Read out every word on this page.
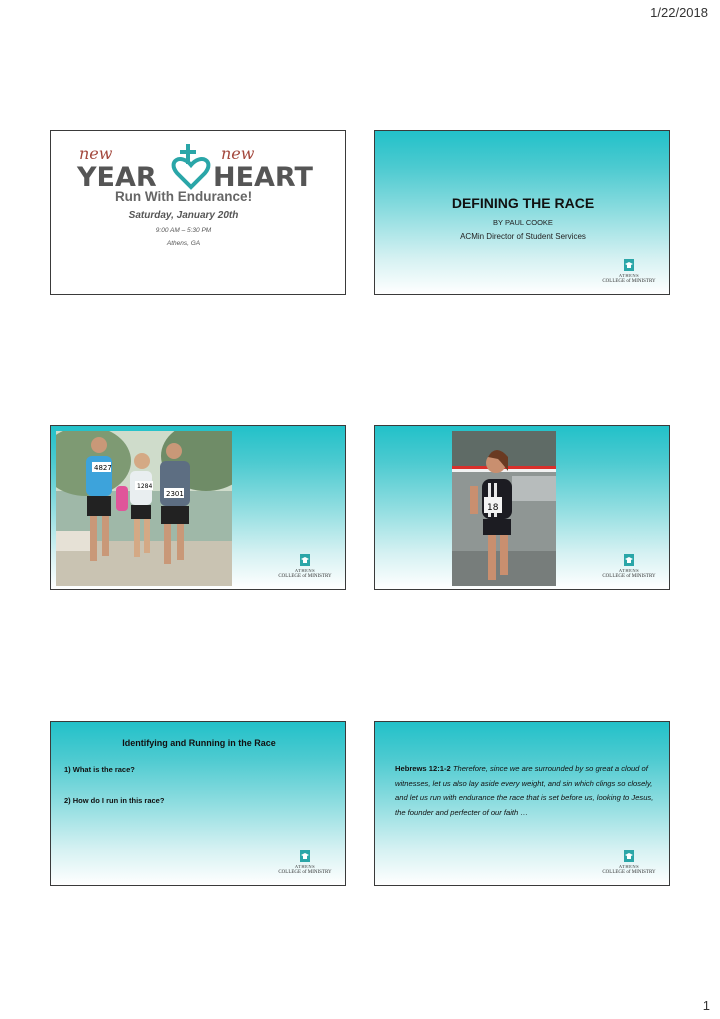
1/22/2018
new
YEAR
new
HEART
Run With Endurance!
Saturday, January 20th
9:00 AM – 5:30 PM
Athens, GA
DEFINING THE RACE
BY PAUL COOKE
ACMin Director of Student Services
ATHENS
COLLEGE of MINISTRY
4827
1284
2301
ATHENS
COLLEGE of MINISTRY
18
ATHENS
COLLEGE of MINISTRY
Identifying and Running in the Race
1) What is the race?
2) How do I run in this race?
ATHENS
COLLEGE of MINISTRY
Hebrews 12:1-2 Therefore, since we are surrounded by so great a cloud of witnesses, let us also lay aside every weight, and sin which clings so closely, and let us run with endurance the race that is set before us, looking to Jesus, the founder and perfecter of our faith …
ATHENS
COLLEGE of MINISTRY
1
